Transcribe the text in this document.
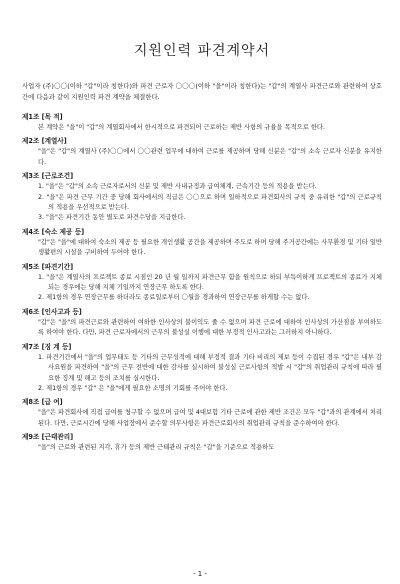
지원인력 파견계약서

사업자 (주)〇〇(이하 "갑"이라 칭한다)와 파견 근로자 〇〇〇(이하 "을"이라 칭한다)는 "갑"의 계열사 파견근로와 관련하여 상호간에 다음과 같이 지원인력 파견 계약을 체결한다.

제1조 [목 적]

본 계약은 "을"이 "갑"의 계열회사에서 한시적으로 파견되어 근로하는 제반 사항의 규율을 목적으로 한다.

제2조 [계열사]

"을"은 "갑"의 계열사 (주)〇〇에서 〇〇관련 업무에 대하여 근로를 제공하며 당해 신분은 "갑"의 소속 근로자 신분을 유지한다.

제3조 [근로조건]
1. "을"은 "갑"의 소속 근로자로서의 신분 및 제반 사내규정과 급여체계, 근속기간 등의 적용을 받는다.
2. "을"은 파견 근무 기간 중 당해 회사에서의 직급은 〇〇으로 하며 일하적으로 파견회사의 규칙 중 유리한 "갑"의 근로규칙의 적용을 우선적으로 받는다.
3. "을"은 파견기간 동안 별도로 파견수당을 지급한다.
제4조 [숙소 제공 등]

"갑"은 "을"에 대하여 숙소의 제공 등 필요한 개인생활 공간을 제공하며 주도로 하며 당해 주거공간에는 사무환경 및 기타 일반 생활편의 시설을 구비하여 두어야 한다.

제5조 [파견기간]
1. "을"은 계열사의 프로젝트 종료 시점인 20 년 월 일까지 파견근무 함을 원칙으로 하되 부득이하게 프로젝트의 종료가 지체되는 경우에는 당해 지체 기일까지 연장근무 하도록 한다.
2. 제1항의 경우 연장근무를 하더라도 종료일로부터 〇월을 경과하여 연장근무를 하게할 수는 없다.
제6조 [인사고과 등]

"갑"은 "을"의 파견근로와 관련하여 여하한 인사상의 불이익도 줄 수 없으며 파견 근로에 대하여 인사상의 가산점을 부여하도록 하여야 한다. 다만, 파견 근로자에서의 근무의 불성실 이행에 대한 부정적 인사고과는 그러하지 아니하다.

제7조 [징 계 등]
1. 파견기간에서 "을"의 업무태도 등 기타의 근무성적에 대해 부정적 결과 기타 비리의 제보 등이 수집된 경우 "갑"은 내부 감사요원을 파견하여 "을"의 근무 전반에 대한 감사를 실시하여 불성실 근로사항의 적발 시 "갑"의 취업관리 규칙에 따라 필요한 징계 및 해고 등의 조치를 실시한다.
2. 제1항의 경우 "갑" 은 "을"에게 필요한 소명의 기회를 주어야 한다.
제8조 [급 여]

"을"은 파견회사에 직접 급여를 청구할 수 없으며 급여 및 4대보험 기타 근로에 관한 제반 조건은 모두 "갑"과의 관계에서 처리된다. 다만, 근로시간에 당해 사업장에서 준수할 의무사항은 파견근로회사의 취업관리 규칙을 준수하여야 한다.

제9조 [근태관리]

"을"의 근로와 관련된 지각, 휴가 등의 제반 근태관리 규칙은 "갑"을 기준으로 적용하도

- 1 -
